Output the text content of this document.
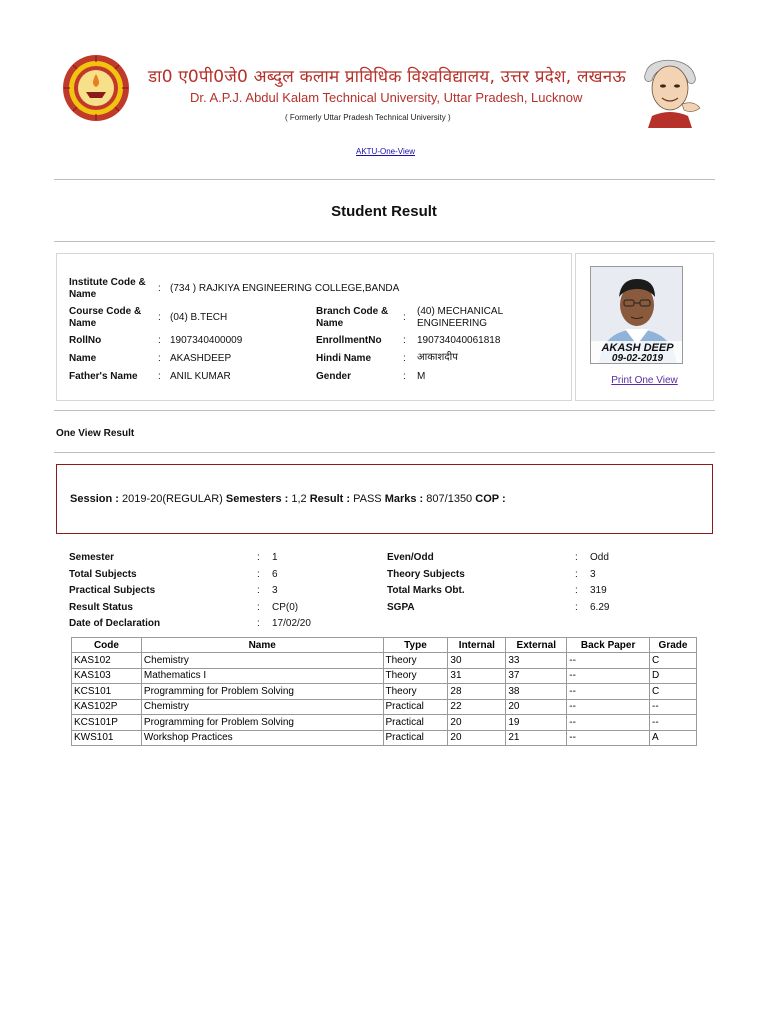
डा0 ए0पी0जे0 अब्दुल कलाम प्राविधिक विश्वविद्यालय, उत्तर प्रदेश, लखनऊ
Dr. A.P.J. Abdul Kalam Technical University, Uttar Pradesh, Lucknow
( Formerly Uttar Pradesh Technical University )
AKTU-One-View
Student Result
Institute Code & Name
: (734 ) RAJKIYA ENGINEERING COLLEGE,BANDA
Course Code & Name
: (04) B.TECH
Branch Code & Name
:
(40) MECHANICAL
ENGINEERING
RollNo	: 1907340400009	EnrollmentNo : 190734040061818
Name	: AKASHDEEP	Hindi Name	: आकाशदीप
Father's Name : ANIL KUMAR	Gender	: M
AKASH DEEP
09-02-2019
Print One View
One View Result
Session : 2019-20(REGULAR) Semesters : 1,2 Result : PASS Marks : 807/1350 COP :
Semester	: 1	Even/Odd	: Odd
Total Subjects	: 6	Theory Subjects	: 3
Practical Subjects	: 3	Total Marks Obt.	: 319
Result Status	: CP(0)	SGPA	: 6.29
Date of Declaration	: 17/02/20
Code	Name	Type	Internal	External	Back Paper	Grade
KAS102	Chemistry	Theory	30	33	--	C
KAS103	Mathematics I	Theory	31	37	--	D
KCS101	Programming for Problem Solving	Theory	28	38	--	C
KAS102P	Chemistry	Practical	22	20	--	--
KCS101P	Programming for Problem Solving	Practical	20	19	--	--
KWS101	Workshop Practices	Practical	20	21	--	A
